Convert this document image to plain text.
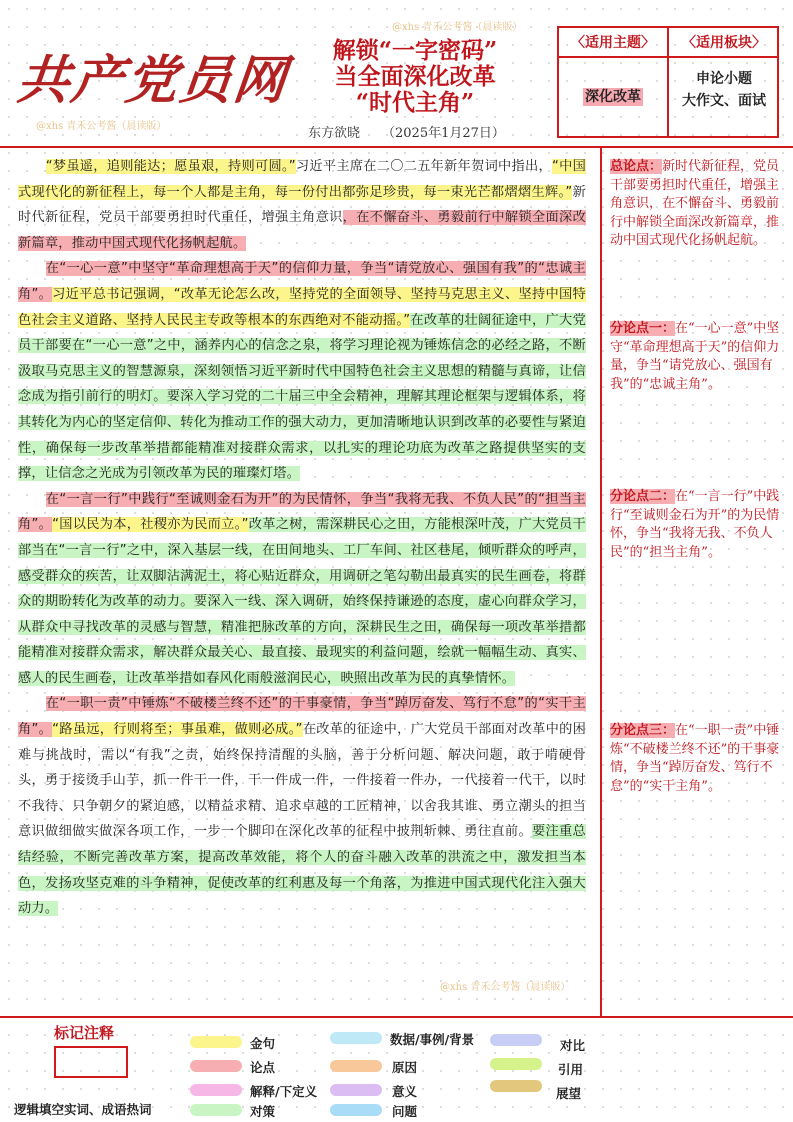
共产党员网
@xhs 青禾公考酱（晨读版）
@xhs 青禾公考酱（晨读版）
解锁“一字密码”
当全面深化改革
“时代主角”
东方欲晓 （2025年1月27日）
〈适用主题〉	〈适用板块〉
深化改革
申论小题
大作文、面试

“梦虽遥，追则能达；愿虽艰，持则可圆。”习近平主席在二〇二五年新年贺词中指出，“中国式现代化的新征程上，每一个人都是主角，每一份付出都弥足珍贵，每一束光芒都熠熠生辉。”新时代新征程，党员干部要勇担时代重任，增强主角意识，在不懈奋斗、勇毅前行中解锁全面深改新篇章，推动中国式现代化扬帆起航。

在“一心一意”中坚守“革命理想高于天”的信仰力量，争当“请党放心、强国有我”的“忠诚主角”。习近平总书记强调，“改革无论怎么改，坚持党的全面领导、坚持马克思主义、坚持中国特色社会主义道路、坚持人民民主专政等根本的东西绝对不能动摇。”在改革的壮阔征途中，广大党员干部要在“一心一意”之中，涵养内心的信念之泉，将学习理论视为锤炼信念的必经之路，不断汲取马克思主义的智慧源泉，深刻领悟习近平新时代中国特色社会主义思想的精髓与真谛，让信念成为指引前行的明灯。要深入学习党的二十届三中全会精神，理解其理论框架与逻辑体系，将其转化为内心的坚定信仰、转化为推动工作的强大动力，更加清晰地认识到改革的必要性与紧迫性，确保每一步改革举措都能精准对接群众需求，以扎实的理论功底为改革之路提供坚实的支撑，让信念之光成为引领改革为民的璀璨灯塔。

在“一言一行”中践行“至诚则金石为开”的为民情怀，争当“我将无我、不负人民”的“担当主角”。“国以民为本，社稷亦为民而立。”改革之树，需深耕民心之田，方能根深叶茂，广大党员干部当在“一言一行”之中，深入基层一线，在田间地头、工厂车间、社区巷尾，倾听群众的呼声，感受群众的疾苦，让双脚沾满泥土，将心贴近群众，用调研之笔勾勒出最真实的民生画卷，将群众的期盼转化为改革的动力。要深入一线、深入调研，始终保持谦逊的态度，虚心向群众学习，从群众中寻找改革的灵感与智慧，精准把脉改革的方向，深耕民生之田，确保每一项改革举措都能精准对接群众需求，解决群众最关心、最直接、最现实的利益问题，绘就一幅幅生动、真实、感人的民生画卷，让改革举措如春风化雨般滋润民心，映照出改革为民的真挚情怀。

在“一职一责”中锤炼“不破楼兰终不还”的干事豪情，争当“踔厉奋发、笃行不怠”的“实干主角”。“路虽远，行则将至；事虽难，做则必成。”在改革的征途中，广大党员干部面对改革中的困难与挑战时，需以“有我”之责，始终保持清醒的头脑，善于分析问题、解决问题，敢于啃硬骨头，勇于接烫手山芋，抓一件干一件，干一件成一件，一件接着一件办，一代接着一代干，以时不我待、只争朝夕的紧迫感，以精益求精、追求卓越的工匠精神，以舍我其谁、勇立潮头的担当意识做细做实做深各项工作，一步一个脚印在深化改革的征程中披荆斩棘、勇往直前。要注重总结经验，不断完善改革方案，提高改革效能，将个人的奋斗融入改革的洪流之中，激发担当本色，发扬攻坚克难的斗争精神，促使改革的红利惠及每一个角落，为推进中国式现代化注入强大动力。

总论点：新时代新征程，党员干部要勇担时代重任，增强主角意识，在不懈奋斗、勇毅前行中解锁全面深改新篇章，推动中国式现代化扬帆起航。
分论点一：在“一心一意”中坚守“革命理想高于天”的信仰力量，争当“请党放心、强国有我”的“忠诚主角”。
分论点二：在“一言一行”中践行“至诚则金石为开”的为民情怀，争当“我将无我、不负人民”的“担当主角”。
分论点三：在“一职一责”中锤炼“不破楼兰终不还”的干事豪情，争当“踔厉奋发、笃行不怠”的“实干主角”。
@xhs 青禾公考酱（晨读版）
标记注释
逻辑填空实词、成语热词
金句
论点
解释/下定义
对策
数据/事例/背景
原因
意义
问题
对比
引用
展望
